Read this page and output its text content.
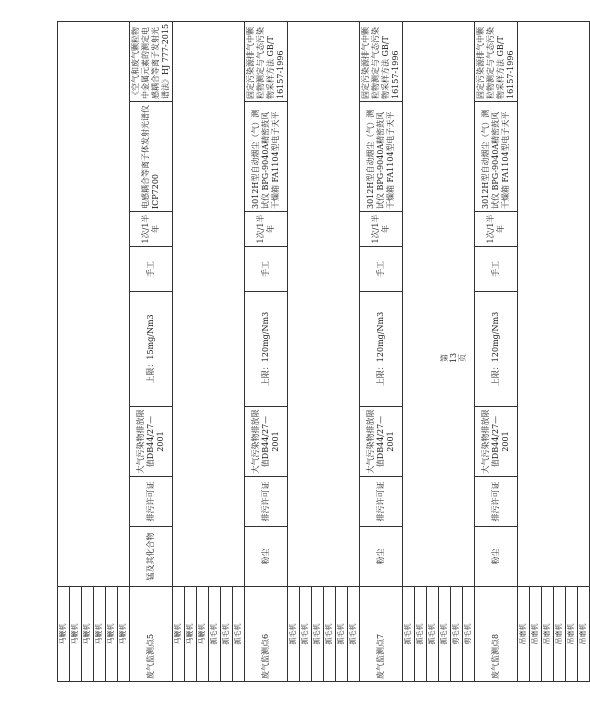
马鞭机								
马鞭机								
马鞭机								
马鞭机								
马鞭机								
马鞭机								
废气监测点5	锰及其化合物	排污许可证	大气污染物排放限值DB44/27—2001	上限：15mg/Nm3	手工	1次/1半年	电感耦合等离子体发射光谱仪ICP7200	《空气和废气颗粒物中金属元素的测定电感耦合等离子发射光谱法》HJ 777-2015
马鞭机								
马鞭机								
马鞭机								
抓毛机								
抓毛机								
抓毛机								
废气监测点6	粉尘	排污许可证	大气污染物排放限值DB44/27—2001	上限：120mg/Nm3	手工	1次/1半年	3012H型自动烟尘（气）测试仪 BPG-9040A精密鼓风干燥箱 FA1104型电子天平	固定污染源排气中颗粒物测定与气态污染物采样方法 GB/T 16157-1996
抓毛机								
抓毛机								
抓毛机								
抓毛机								
抓毛机								
抓毛机								
废气监测点7	粉尘	排污许可证	大气污染物排放限值DB44/27—2001	上限：120mg/Nm3	手工	1次/1半年	3012H型自动烟尘（气）测试仪 BPG-9040A精密鼓风干燥箱 FA1104型电子天平	固定污染源排气中颗粒物测定与气态污染物采样方法 GB/T 16157-1996
抓毛机								
抓毛机								
抓毛机								
抓毛机								
剪毛机								
剪毛机								
废气监测点8	粉尘	排污许可证	大气污染物排放限值DB44/27—2001	上限：120mg/Nm3	手工	1次/1半年	3012H型自动烟尘（气）测试仪 BPG-9040A精密鼓风干燥箱 FA1104型电子天平	固定污染源排气中颗粒物测定与气态污染物采样方法 GB/T 16157-1996
吊磨机								
吊磨机								
吊磨机								
吊磨机								
吊磨机								
吊磨机								
第 13 页
